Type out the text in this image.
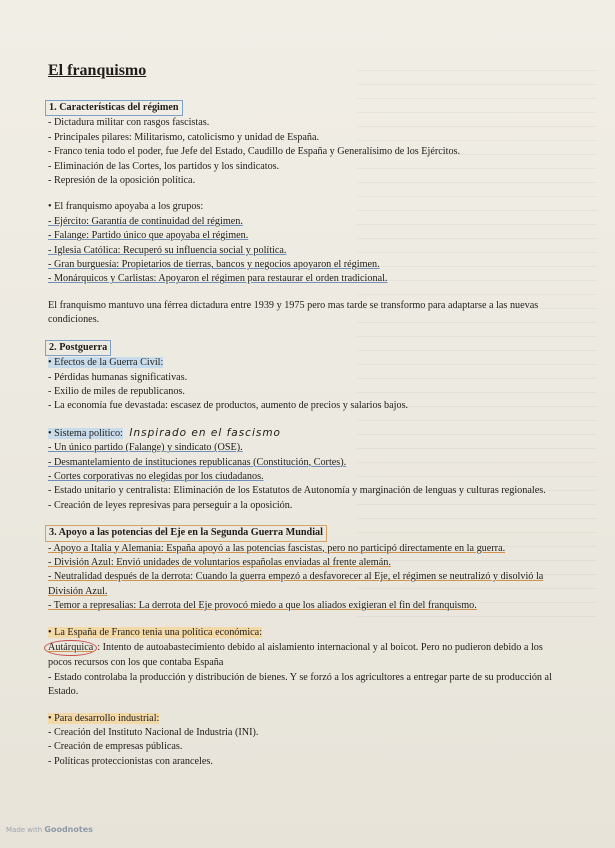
El franquismo
1. Características del régimen
- Dictadura militar con rasgos fascistas.
- Principales pilares: Militarismo, catolicismo y unidad de España.
- Franco tenia todo el poder, fue Jefe del Estado, Caudillo de España y Generalísimo de los Ejércitos.
- Eliminación de las Cortes, los partidos y los sindicatos.
- Represión de la oposición política.
• El franquismo apoyaba a los grupos:
- Ejército: Garantía de continuidad del régimen.
- Falange: Partido único que apoyaba el régimen.
- Iglesia Católica: Recuperó su influencia social y política.
- Gran burguesía: Propietarios de tierras, bancos y negocios apoyaron el régimen.
- Monárquicos y Carlistas: Apoyaron el régimen para restaurar el orden tradicional.
El franquismo mantuvo una férrea dictadura entre 1939 y 1975 pero mas tarde se transformo para adaptarse a las nuevas condiciones.
2. Postguerra
• Efectos de la Guerra Civil:
- Pérdidas humanas significativas.
- Exilio de miles de republicanos.
- La economía fue devastada: escasez de productos, aumento de precios y salarios bajos.
• Sistema político: Inspirado en el fascismo
- Un único partido (Falange) y sindicato (OSE).
- Desmantelamiento de instituciones republicanas (Constitución, Cortes).
- Cortes corporativas no elegidas por los ciudadanos.
- Estado unitario y centralista: Eliminación de los Estatutos de Autonomía y marginación de lenguas y culturas regionales.
- Creación de leyes represivas para perseguir a la oposición.
3. Apoyo a las potencias del Eje en la Segunda Guerra Mundial
- Apoyo a Italia y Alemania: España apoyó a las potencias fascistas, pero no participó directamente en la guerra.
- División Azul: Envió unidades de voluntarios españolas enviadas al frente alemán.
- Neutralidad después de la derrota: Cuando la guerra empezó a desfavorecer al Eje, el régimen se neutralizó y disolvió la División Azul.
- Temor a represalias: La derrota del Eje provocó miedo a que los aliados exigieran el fin del franquismo.
• La España de Franco tenia una política económica:
Autárquica : Intento de autoabastecimiento debido al aislamiento internacional y al boicot. Pero no pudieron debido a los pocos recursos con los que contaba España
- Estado controlaba la producción y distribución de bienes. Y se forzó a los agricultores a entregar parte de su producción al Estado.
• Para desarrollo industrial:
- Creación del Instituto Nacional de Industria (INI).
- Creación de empresas públicas.
- Políticas proteccionistas con aranceles.
Made with Goodnotes
